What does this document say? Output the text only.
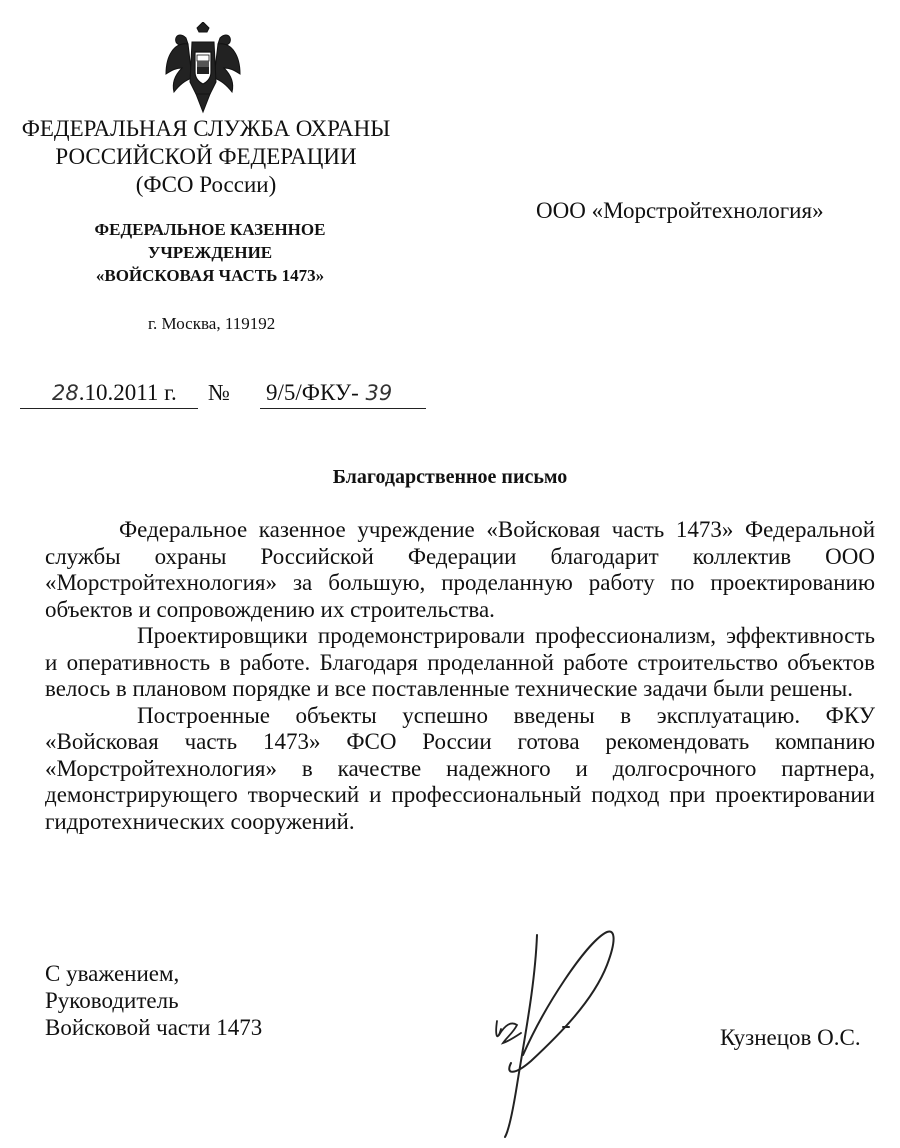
ФЕДЕРАЛЬНАЯ СЛУЖБА ОХРАНЫ
РОССИЙСКОЙ ФЕДЕРАЦИИ
(ФСО России)
ФЕДЕРАЛЬНОЕ КАЗЕННОЕ
УЧРЕЖДЕНИЕ
«ВОЙСКОВАЯ ЧАСТЬ 1473»
г. Москва, 119192
ООО «Морстройтехнология»
28.10.2011 г. № 9/5/ФКУ- 39
Благодарственное письмо

Федеральное казенное учреждение «Войсковая часть 1473» Федеральной службы охраны Российской Федерации благодарит коллектив ООО «Морстройтехнология» за большую, проделанную работу по проектированию объектов и сопровождению их строительства.

Проектировщики продемонстрировали профессионализм, эффективность и оперативность в работе. Благодаря проделанной работе строительство объектов велось в плановом порядке и все поставленные технические задачи были решены.

Построенные объекты успешно введены в эксплуатацию. ФКУ «Войсковая часть 1473» ФСО России готова рекомендовать компанию «Морстройтехнология» в качестве надежного и долгосрочного партнера, демонстрирующего творческий и профессиональный подход при проектировании гидротехнических сооружений.

С уважением,
Руководитель
Войсковой части 1473	Кузнецов О.С.
